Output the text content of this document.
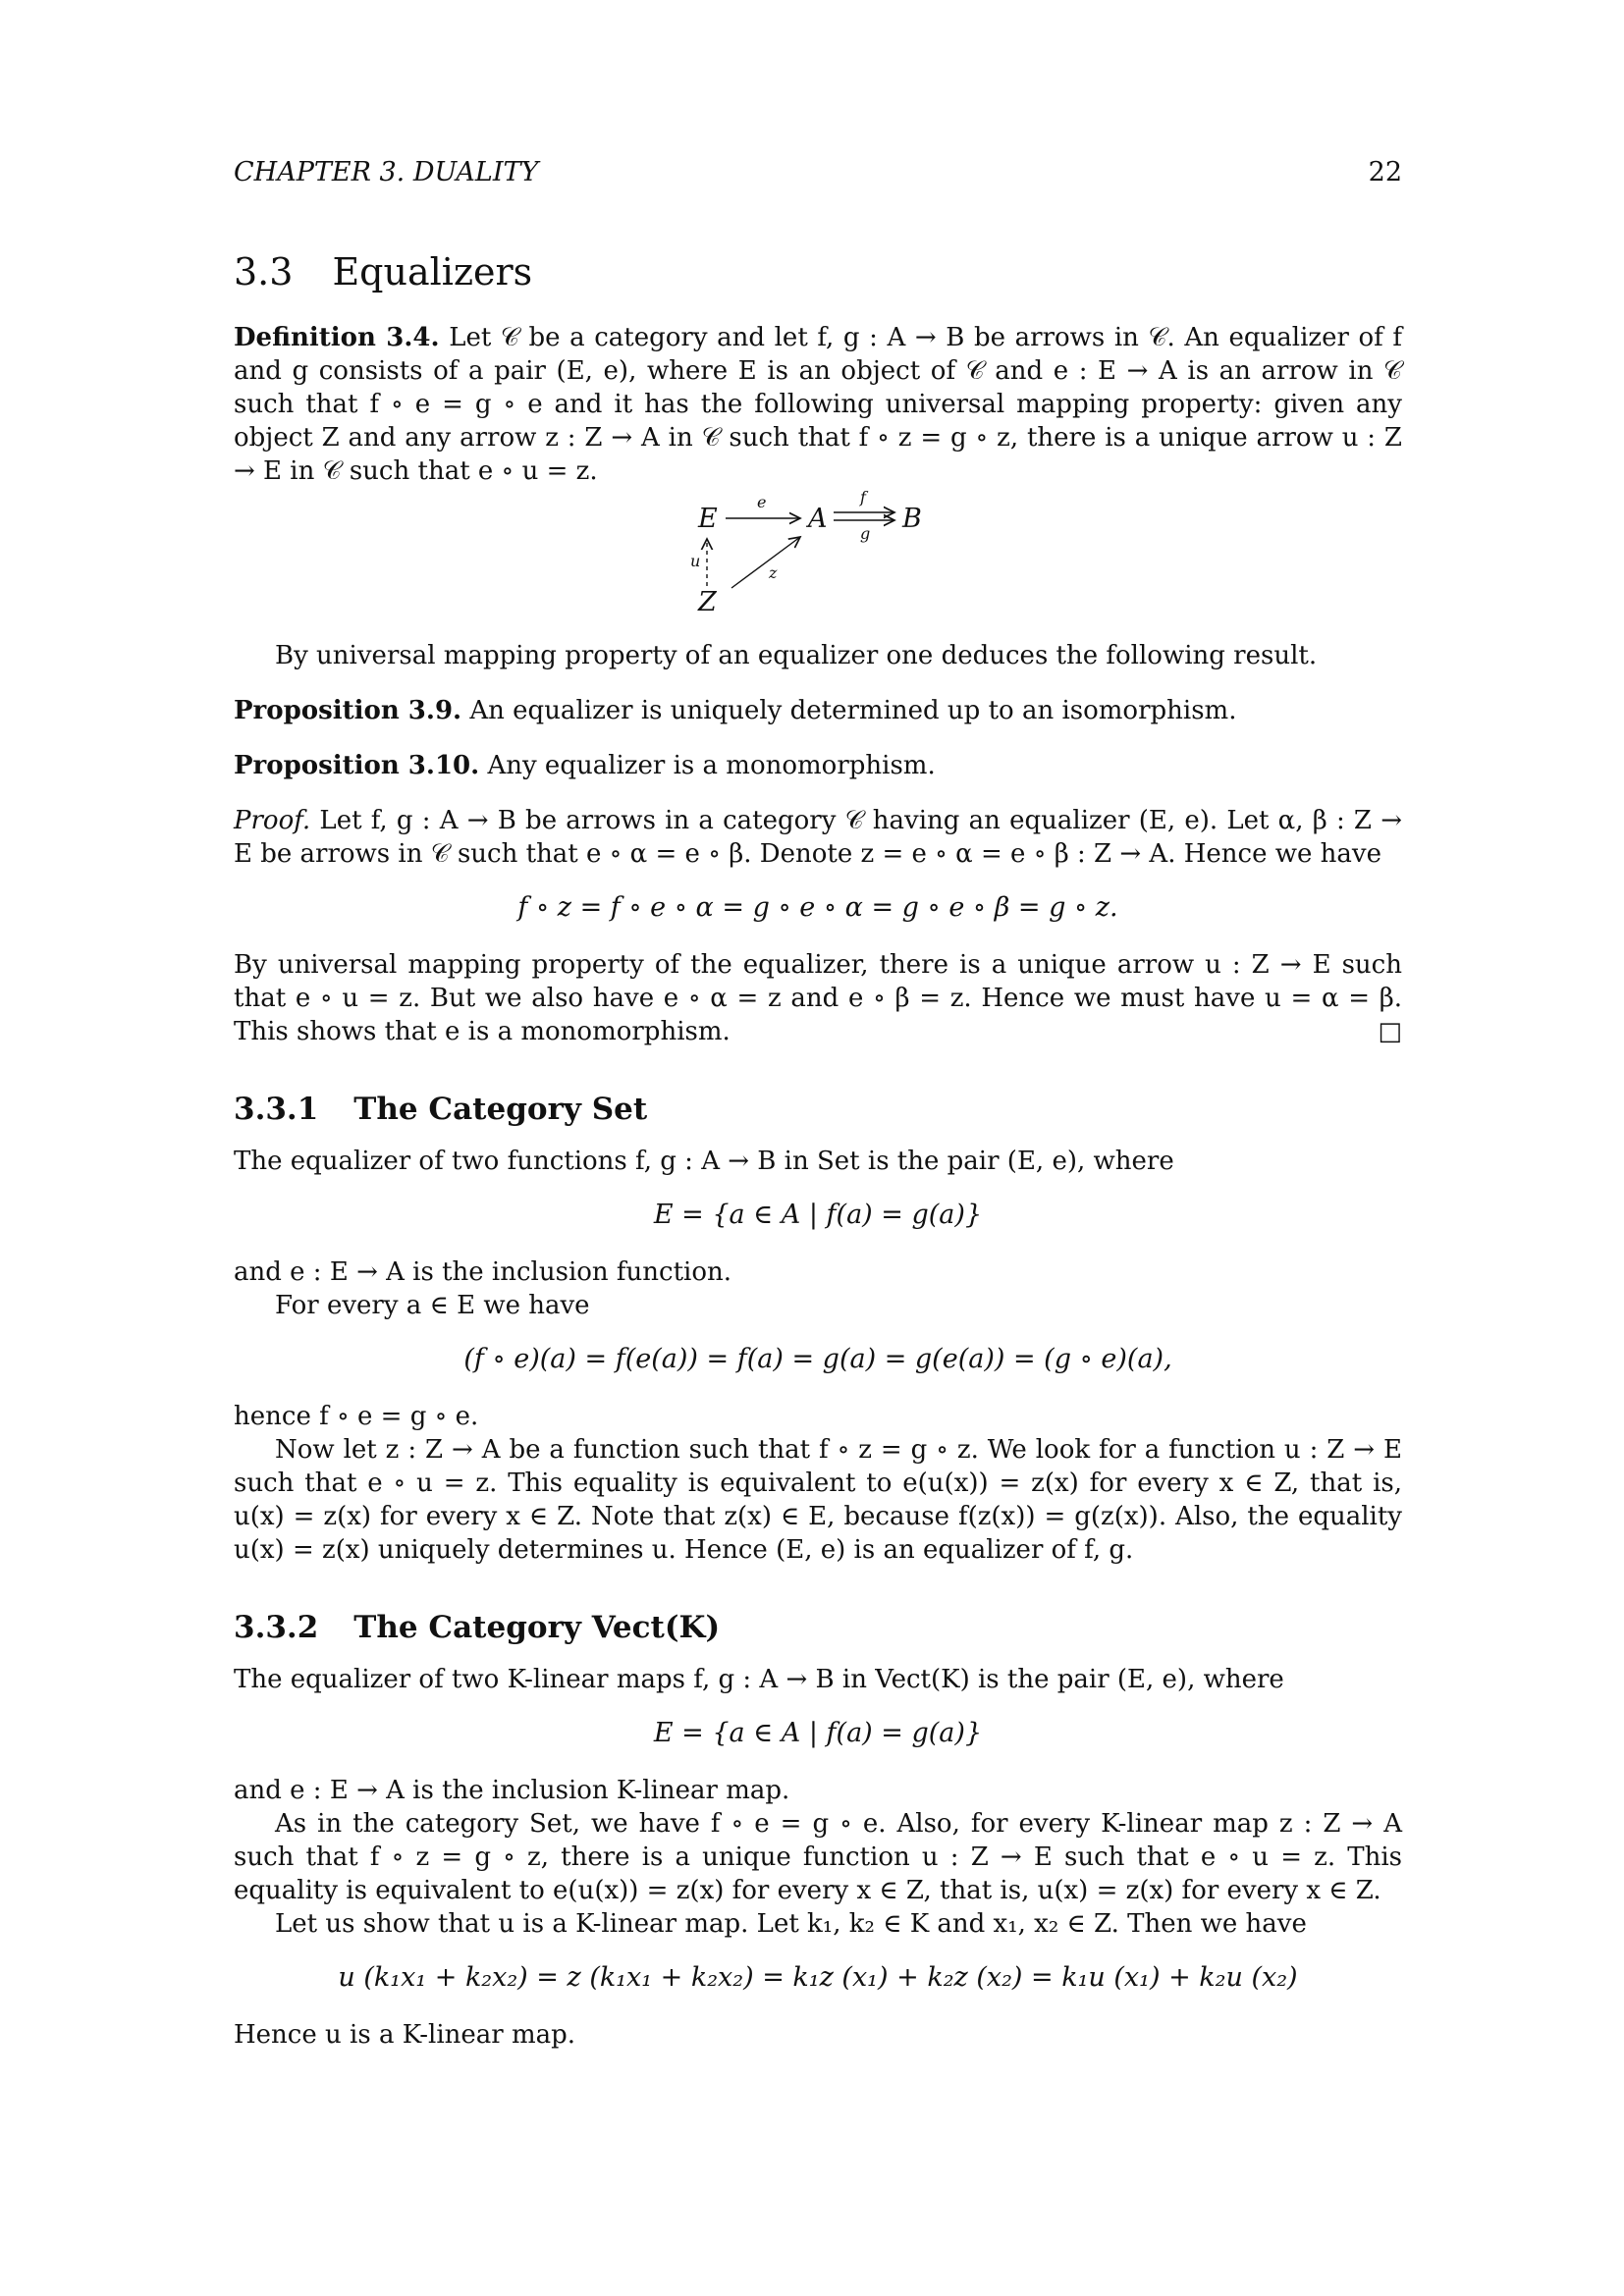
CHAPTER 3. DUALITY	22
3.3 Equalizers

Definition 3.4. Let 𝒞 be a category and let f, g : A → B be arrows in 𝒞. An equalizer of f and g consists of a pair (E, e), where E is an object of 𝒞 and e : E → A is an arrow in 𝒞 such that f ∘ e = g ∘ e and it has the following universal mapping property: given any object Z and any arrow z : Z → A in 𝒞 such that f ∘ z = g ∘ z, there is a unique arrow u : Z → E in 𝒞 such that e ∘ u = z.

E	A	B
Z
e	f
g
u
z

By universal mapping property of an equalizer one deduces the following result.

Proposition 3.9. An equalizer is uniquely determined up to an isomorphism.

Proposition 3.10. Any equalizer is a monomorphism.

Proof. Let f, g : A → B be arrows in a category 𝒞 having an equalizer (E, e). Let α, β : Z → E be arrows in 𝒞 such that e ∘ α = e ∘ β. Denote z = e ∘ α = e ∘ β : Z → A. Hence we have

f ∘ z = f ∘ e ∘ α = g ∘ e ∘ α = g ∘ e ∘ β = g ∘ z.

By universal mapping property of the equalizer, there is a unique arrow u : Z → E such that e ∘ u = z. But we also have e ∘ α = z and e ∘ β = z. Hence we must have u = α = β. This shows that e is a monomorphism.	□

3.3.1 The Category Set

The equalizer of two functions f, g : A → B in Set is the pair (E, e), where

E = {a ∈ A | f(a) = g(a)}

and e : E → A is the inclusion function.

For every a ∈ E we have

(f ∘ e)(a) = f(e(a)) = f(a) = g(a) = g(e(a)) = (g ∘ e)(a),

hence f ∘ e = g ∘ e.

Now let z : Z → A be a function such that f ∘ z = g ∘ z. We look for a function u : Z → E such that e ∘ u = z. This equality is equivalent to e(u(x)) = z(x) for every x ∈ Z, that is, u(x) = z(x) for every x ∈ Z. Note that z(x) ∈ E, because f(z(x)) = g(z(x)). Also, the equality u(x) = z(x) uniquely determines u. Hence (E, e) is an equalizer of f, g.

3.3.2 The Category Vect(K)

The equalizer of two K-linear maps f, g : A → B in Vect(K) is the pair (E, e), where

E = {a ∈ A | f(a) = g(a)}

and e : E → A is the inclusion K-linear map.

As in the category Set, we have f ∘ e = g ∘ e. Also, for every K-linear map z : Z → A such that f ∘ z = g ∘ z, there is a unique function u : Z → E such that e ∘ u = z. This equality is equivalent to e(u(x)) = z(x) for every x ∈ Z, that is, u(x) = z(x) for every x ∈ Z.

Let us show that u is a K-linear map. Let k₁, k₂ ∈ K and x₁, x₂ ∈ Z. Then we have

u (k₁x₁ + k₂x₂) = z (k₁x₁ + k₂x₂) = k₁z (x₁) + k₂z (x₂) = k₁u (x₁) + k₂u (x₂)

Hence u is a K-linear map.
